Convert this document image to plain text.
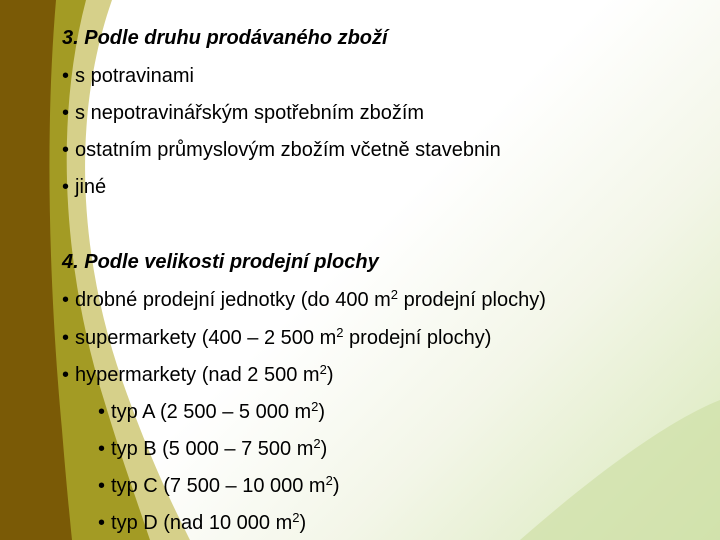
3. Podle druhu prodávaného zboží
• s potravinami
• s nepotravinářským spotřebním zbožím
• ostatním průmyslovým zbožím včetně stavebnin
• jiné
4. Podle velikosti prodejní plochy
• drobné prodejní jednotky (do 400 $m^2$ prodejní plochy)
• supermarkety (400 – 2 500 $m^2$ prodejní plochy)
• hypermarkety (nad 2 500 $m^2$)
• typ A (2 500 – 5 000 $m^2$)
• typ B (5 000 – 7 500 $m^2$)
• typ C (7 500 – 10 000 $m^2$)
• typ D (nad 10 000 $m^2$)
